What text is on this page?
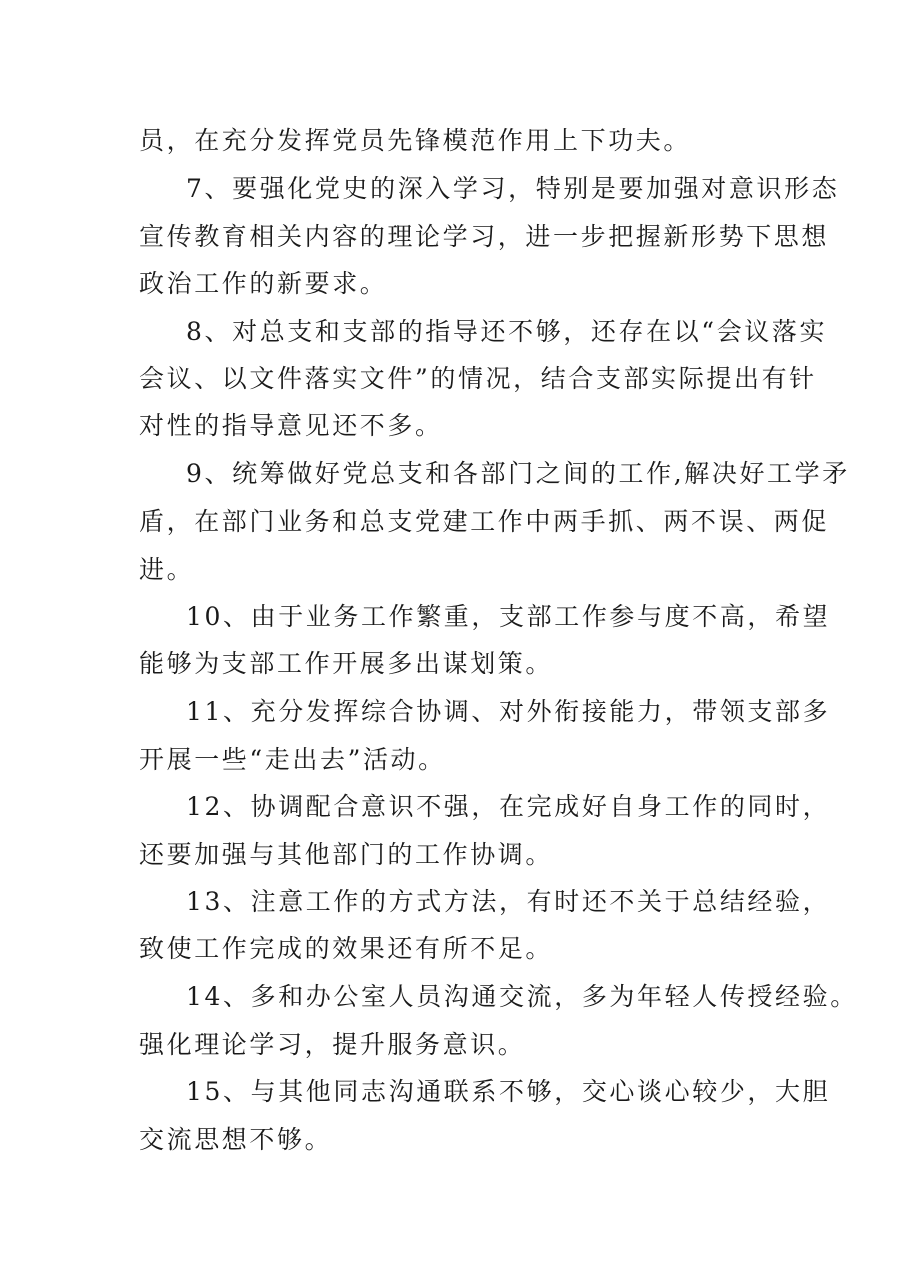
员，在充分发挥党员先锋模范作用上下功夫。
7、要强化党史的深入学习，特别是要加强对意识形态
宣传教育相关内容的理论学习，进一步把握新形势下思想
政治工作的新要求。
8、对总支和支部的指导还不够，还存在以“会议落实
会议、以文件落实文件”的情况，结合支部实际提出有针
对性的指导意见还不多。
9、统筹做好党总支和各部门之间的工作,解决好工学矛
盾，在部门业务和总支党建工作中两手抓、两不误、两促
进。
10、由于业务工作繁重，支部工作参与度不高，希望
能够为支部工作开展多出谋划策。
11、充分发挥综合协调、对外衔接能力，带领支部多
开展一些“走出去”活动。
12、协调配合意识不强，在完成好自身工作的同时，
还要加强与其他部门的工作协调。
13、注意工作的方式方法，有时还不关于总结经验，
致使工作完成的效果还有所不足。
14、多和办公室人员沟通交流，多为年轻人传授经验。
强化理论学习，提升服务意识。
15、与其他同志沟通联系不够，交心谈心较少，大胆
交流思想不够。
